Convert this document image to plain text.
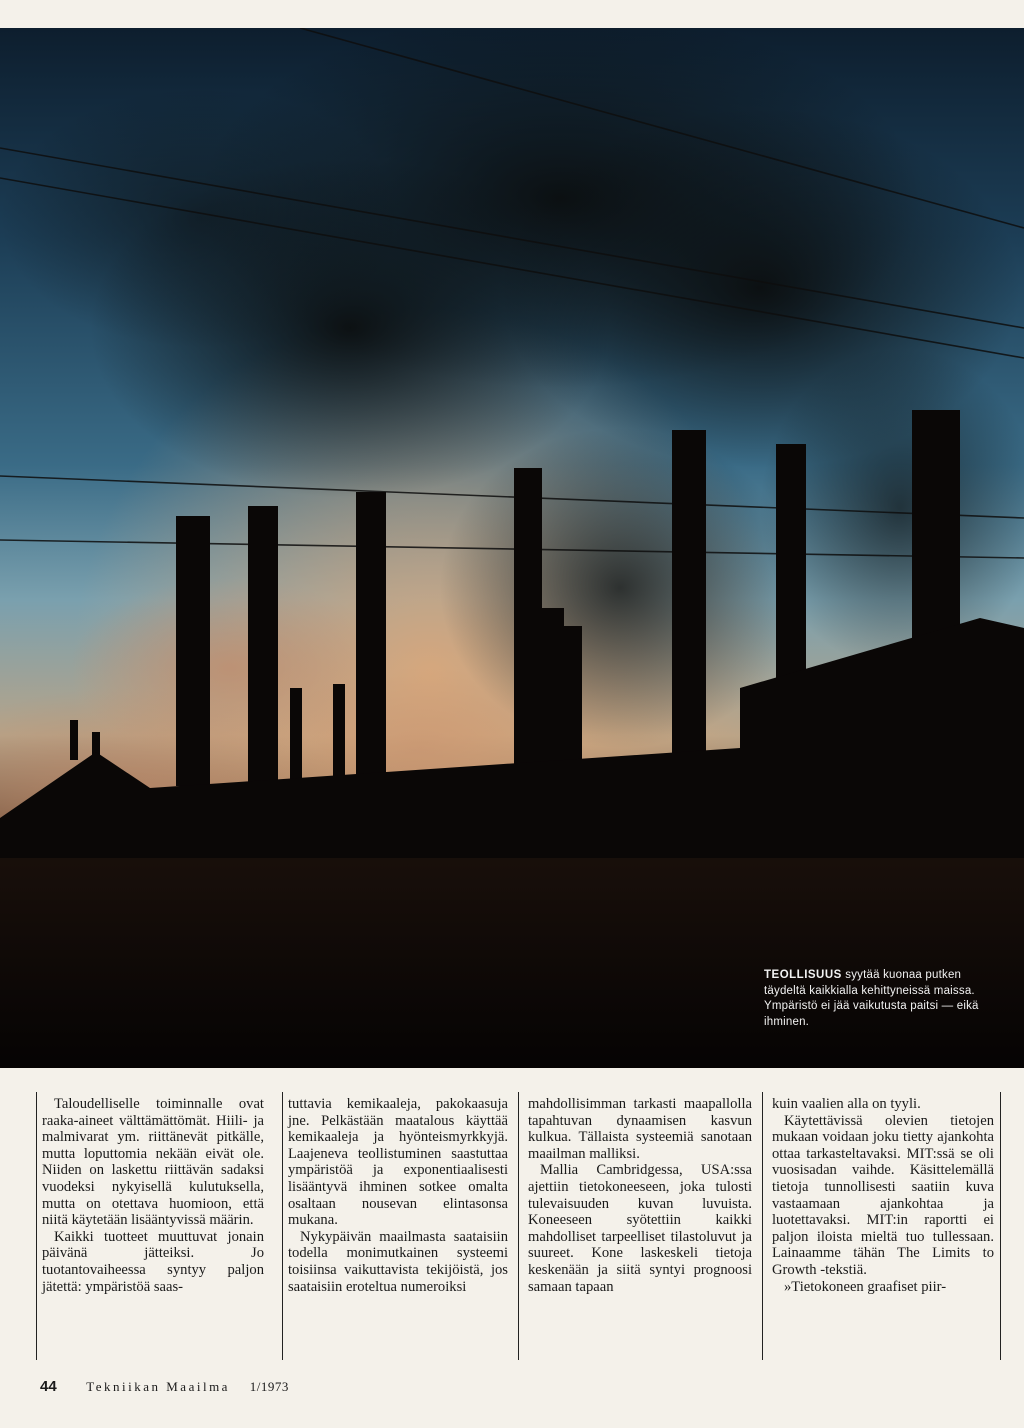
TEOLLISUUS syytää kuonaa putken täydeltä kaikkialla kehittyneissä maissa. Ympäristö ei jää vaikutusta paitsi — eikä ihminen.

Taloudelliselle toiminnalle ovat raaka-aineet välttämättömät. Hiili- ja malmivarat ym. riittänevät pitkälle, mutta loputtomia nekään eivät ole. Niiden on laskettu riittävän sadaksi vuodeksi nykyisellä kulutuksella, mutta on otettava huomioon, että niitä käytetään lisääntyvissä määrin.

Kaikki tuotteet muuttuvat jonain päivänä jätteiksi. Jo tuotantovaiheessa syntyy paljon jätettä: ympäristöä saas-

tuttavia kemikaaleja, pakokaasuja jne. Pelkästään maatalous käyttää kemikaaleja ja hyönteismyrkkyjä. Laajeneva teollistuminen saastuttaa ympäristöä ja exponentiaalisesti lisääntyvä ihminen sotkee omalta osaltaan nousevan elintasonsa mukana.

Nykypäivän maailmasta saataisiin todella monimutkainen systeemi toisiinsa vaikuttavista tekijöistä, jos saataisiin eroteltua numeroiksi

mahdollisimman tarkasti maapallolla tapahtuvan dynaamisen kasvun kulkua. Tällaista systeemiä sanotaan maailman malliksi.

Mallia Cambridgessa, USA:ssa ajettiin tietokoneeseen, joka tulosti tulevaisuuden kuvan luvuista. Koneeseen syötettiin kaikki mahdolliset tarpeelliset tilastoluvut ja suureet. Kone laskeskeli tietoja keskenään ja siitä syntyi prognoosi samaan tapaan

kuin vaalien alla on tyyli.

Käytettävissä olevien tietojen mukaan voidaan joku tietty ajankohta ottaa tarkasteltavaksi. MIT:ssä se oli vuosisadan vaihde. Käsittelemällä tietoja tunnollisesti saatiin kuva vastaamaan ajankohtaa ja luotettavaksi. MIT:in raportti ei paljon iloista mieltä tuo tullessaan. Lainaamme tähän The Limits to Growth -tekstiä.

»Tietokoneen graafiset piir-

44 Tekniikan Maailma 1/1973
